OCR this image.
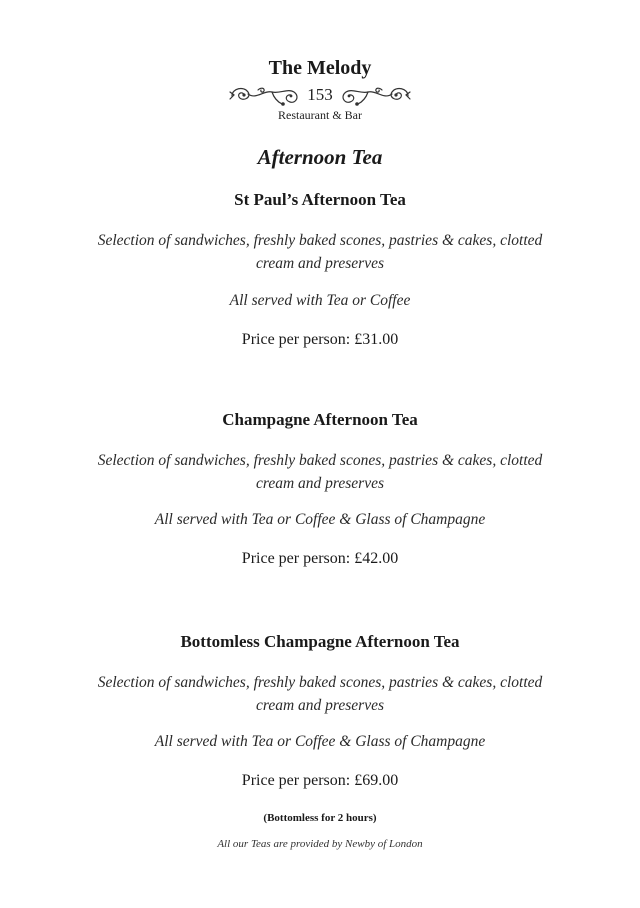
The Melody
153
Restaurant & Bar
Afternoon Tea
St Paul’s Afternoon Tea
Selection of sandwiches, freshly baked scones, pastries & cakes, clotted
cream and preserves
All served with Tea or Coffee
Price per person: £31.00
Champagne Afternoon Tea
Selection of sandwiches, freshly baked scones, pastries & cakes, clotted
cream and preserves
All served with Tea or Coffee & Glass of Champagne
Price per person: £42.00
Bottomless Champagne Afternoon Tea
Selection of sandwiches, freshly baked scones, pastries & cakes, clotted
cream and preserves
All served with Tea or Coffee & Glass of Champagne
Price per person: £69.00
(Bottomless for 2 hours)
All our Teas are provided by Newby of London
